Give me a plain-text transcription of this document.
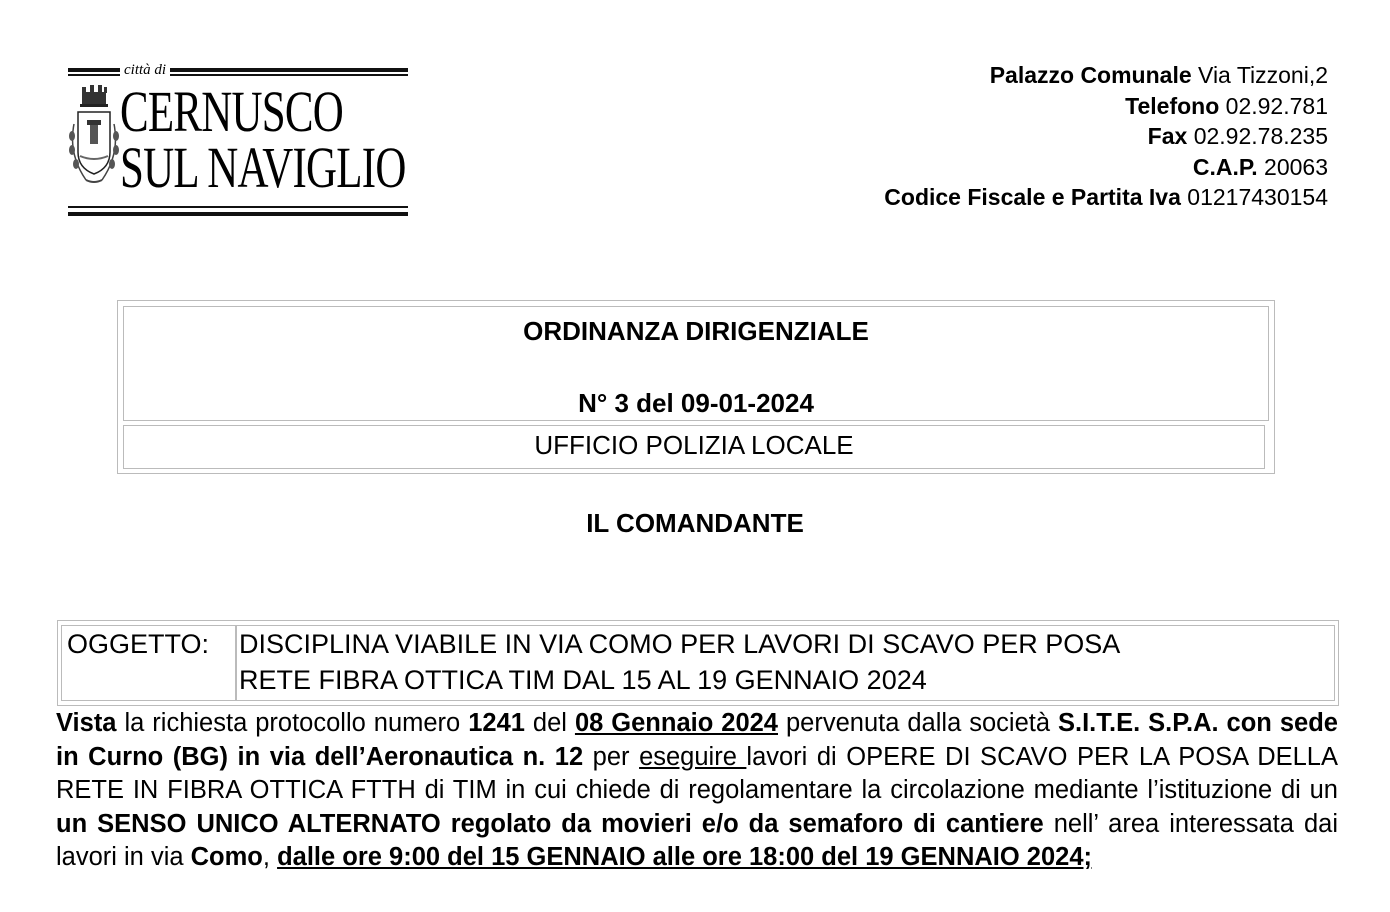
città di
CERNUSCO
SUL NAVIGLIO
Palazzo Comunale Via Tizzoni,2
Telefono 02.92.781
Fax 02.92.78.235
C.A.P. 20063
Codice Fiscale e Partita Iva 01217430154
ORDINANZA DIRIGENZIALE
N° 3 del 09-01-2024
UFFICIO POLIZIA LOCALE
IL COMANDANTE
OGGETTO:	DISCIPLINA VIABILE IN VIA COMO PER LAVORI DI SCAVO PER POSA
RETE FIBRA OTTICA TIM DAL 15 AL 19 GENNAIO 2024
Vista la richiesta protocollo numero 1241 del 08 Gennaio 2024 pervenuta dalla società S.I.T.E. S.P.A. con sede in Curno (BG) in via dell’Aeronautica n. 12 per eseguire lavori di OPERE DI SCAVO PER LA POSA DELLA RETE IN FIBRA OTTICA FTTH di TIM in cui chiede di regolamentare la circolazione mediante l’istituzione di un un SENSO UNICO ALTERNATO regolato da movieri e/o da semaforo di cantiere nell’ area interessata dai lavori in via Como, dalle ore 9:00 del 15 GENNAIO alle ore 18:00 del 19 GENNAIO 2024;
